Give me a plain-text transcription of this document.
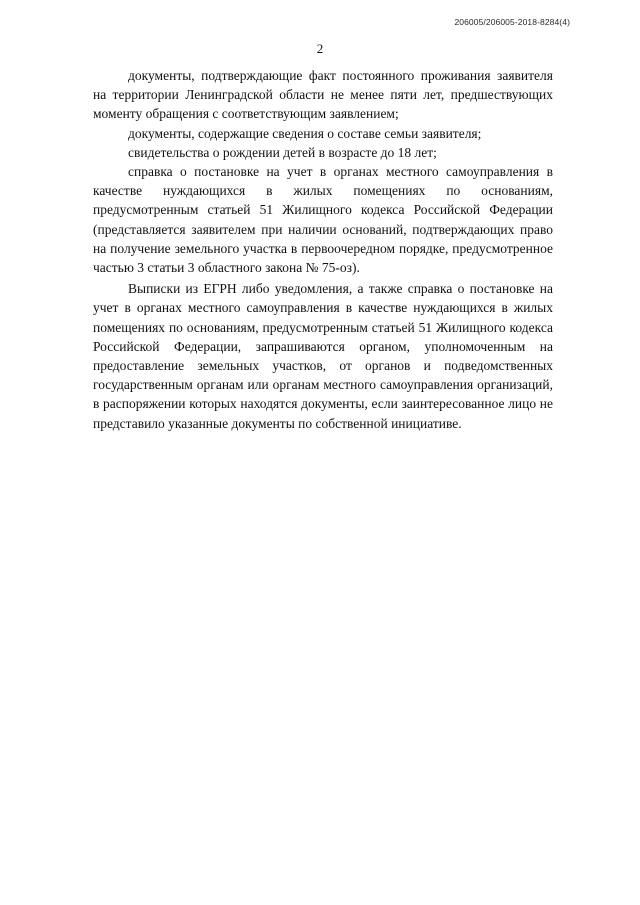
206005/206005-2018-8284(4)
2

документы, подтверждающие факт постоянного проживания заявителя на территории Ленинградской области не менее пяти лет, предшествующих моменту обращения с соответствующим заявлением;

документы, содержащие сведения о составе семьи заявителя;

свидетельства о рождении детей в возрасте до 18 лет;

справка о постановке на учет в органах местного самоуправления в качестве нуждающихся в жилых помещениях по основаниям, предусмотренным статьей 51 Жилищного кодекса Российской Федерации (представляется заявителем при наличии оснований, подтверждающих право на получение земельного участка в первоочередном порядке, предусмотренное частью 3 статьи 3 областного закона № 75-оз).

Выписки из ЕГРН либо уведомления, а также справка о постановке на учет в органах местного самоуправления в качестве нуждающихся в жилых помещениях по основаниям, предусмотренным статьей 51 Жилищного кодекса Российской Федерации, запрашиваются органом, уполномоченным на предоставление земельных участков, от органов и подведомственных государственным органам или органам местного самоуправления организаций, в распоряжении которых находятся документы, если заинтересованное лицо не представило указанные документы по собственной инициативе.
